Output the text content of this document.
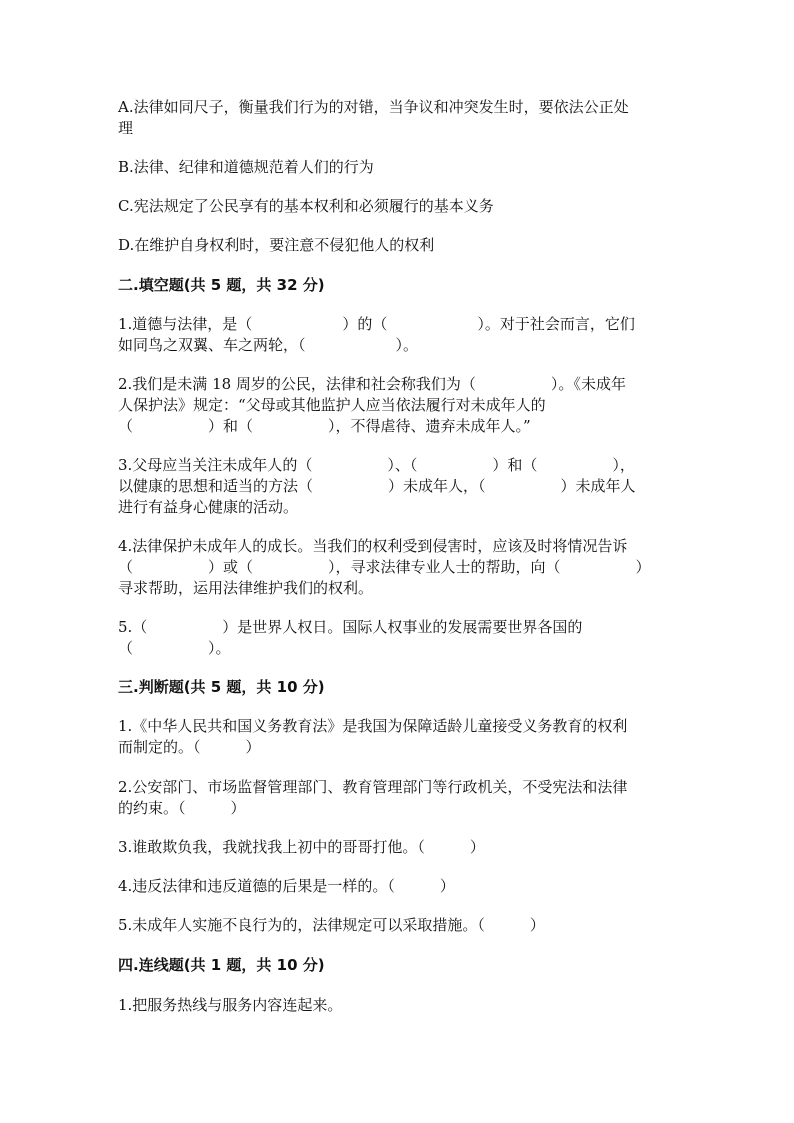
A.法律如同尺子，衡量我们行为的对错，当争议和冲突发生时，要依法公正处
理
B.法律、纪律和道德规范着人们的行为
C.宪法规定了公民享有的基本权利和必须履行的基本义务
D.在维护自身权利时，要注意不侵犯他人的权利
二.填空题(共 5 题，共 32 分)
1.道德与法律，是（　　　　　　）的（　　　　　　）。对于社会而言，它们
如同鸟之双翼、车之两轮，（　　　　　　）。
2.我们是未满 18 周岁的公民，法律和社会称我们为（　　　　　）。《未成年
人保护法》规定：“父母或其他监护人应当依法履行对未成年人的
（　　　　　）和（　　　　　），不得虐待、遗弃未成年人。”
3.父母应当关注未成年人的（　　　　　）、（　　　　　）和（　　　　　），
以健康的思想和适当的方法（　　　　　）未成年人，（　　　　　）未成年人
进行有益身心健康的活动。
4.法律保护未成年人的成长。当我们的权利受到侵害时，应该及时将情况告诉
（　　　　　）或（　　　　　），寻求法律专业人士的帮助，向（　　　　　）
寻求帮助，运用法律维护我们的权利。
5.（　　　　　）是世界人权日。国际人权事业的发展需要世界各国的
（　　　　　）。
三.判断题(共 5 题，共 10 分)
1.《中华人民共和国义务教育法》是我国为保障适龄儿童接受义务教育的权利
而制定的。（　　　）
2.公安部门、市场监督管理部门、教育管理部门等行政机关，不受宪法和法律
的约束。（　　　）
3.谁敢欺负我，我就找我上初中的哥哥打他。（　　　）
4.违反法律和违反道德的后果是一样的。（　　　）
5.未成年人实施不良行为的，法律规定可以采取措施。（　　　）
四.连线题(共 1 题，共 10 分)
1.把服务热线与服务内容连起来。
